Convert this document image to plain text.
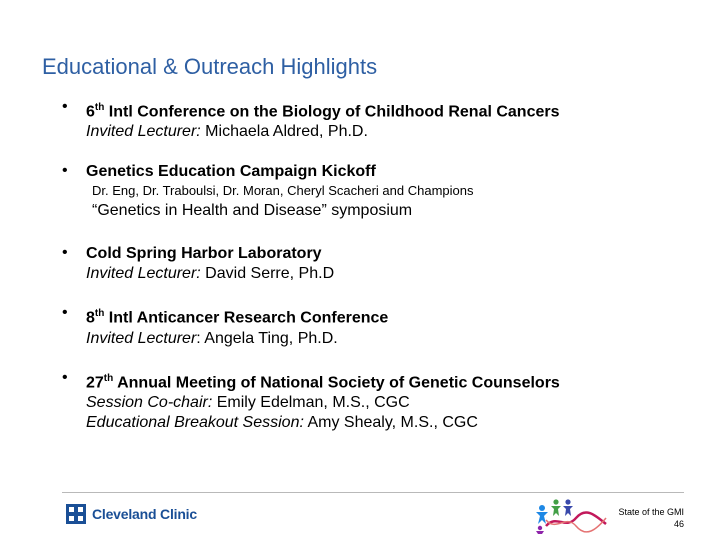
Educational & Outreach Highlights
• 6th Intl Conference on the Biology of Childhood Renal Cancers
Invited Lecturer: Michaela Aldred, Ph.D.
• Genetics Education Campaign Kickoff
Dr. Eng, Dr. Traboulsi, Dr. Moran, Cheryl Scacheri and Champions
“Genetics in Health and Disease” symposium
• Cold Spring Harbor Laboratory
Invited Lecturer: David Serre, Ph.D
• 8th Intl Anticancer Research Conference
Invited Lecturer: Angela Ting, Ph.D.
• 27th Annual Meeting of National Society of Genetic Counselors
Session Co-chair: Emily Edelman, M.S., CGC
Educational Breakout Session: Amy Shealy, M.S., CGC
Cleveland Clinic	State of the GMI
46
